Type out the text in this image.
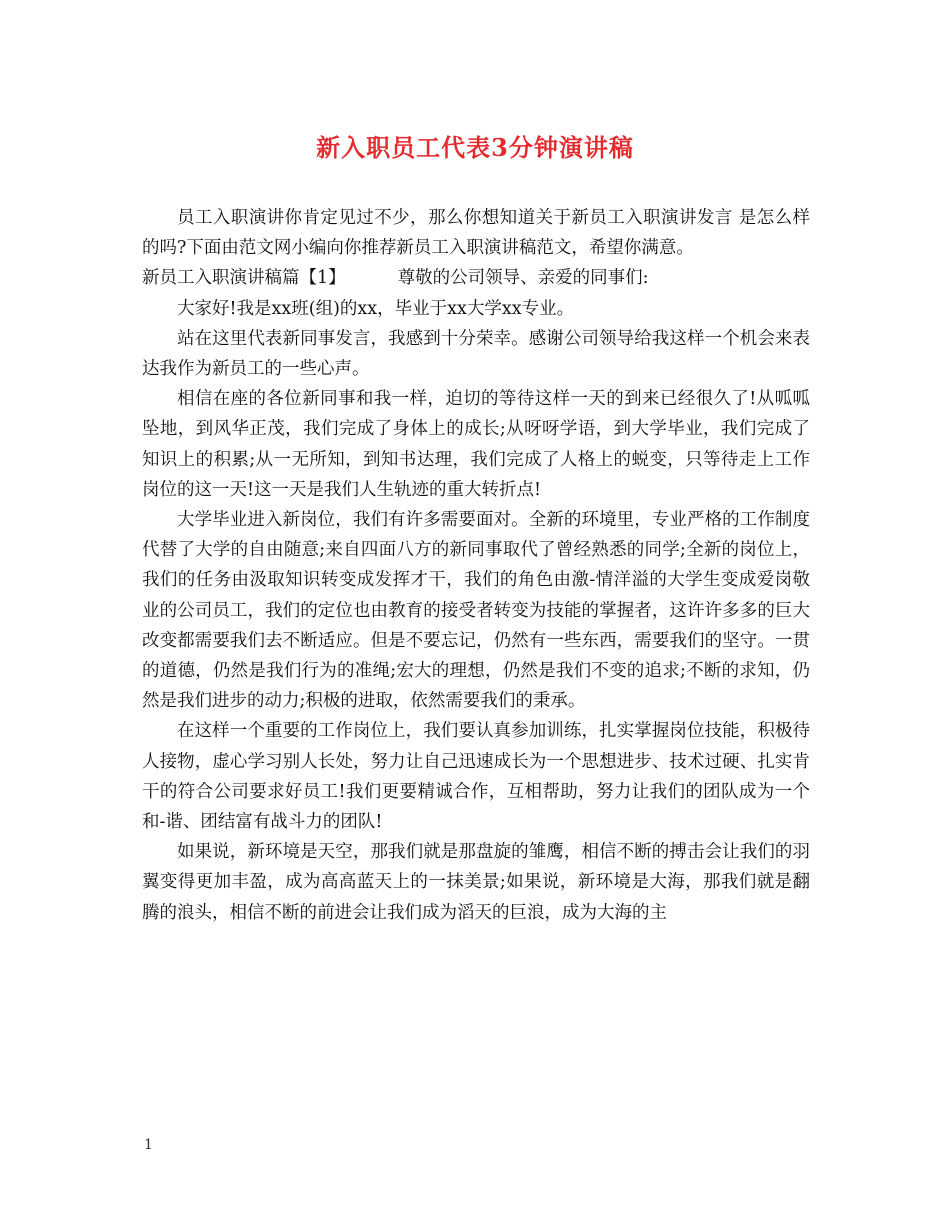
新入职员工代表3分钟演讲稿

员工入职演讲你肯定见过不少，那么你想知道关于新员工入职演讲发言 是怎么样的吗?下面由范文网小编向你推荐新员工入职演讲稿范文，希望你满意。

新员工入职演讲稿篇【1】	尊敬的公司领导、亲爱的同事们:

大家好!我是xx班(组)的xx，毕业于xx大学xx专业。

站在这里代表新同事发言，我感到十分荣幸。感谢公司领导给我这样一个机会来表达我作为新员工的一些心声。

相信在座的各位新同事和我一样，迫切的等待这样一天的到来已经很久了!从呱呱坠地，到风华正茂，我们完成了身体上的成长;从呀呀学语，到大学毕业，我们完成了知识上的积累;从一无所知，到知书达理，我们完成了人格上的蜕变，只等待走上工作岗位的这一天!这一天是我们人生轨迹的重大转折点!

大学毕业进入新岗位，我们有许多需要面对。全新的环境里，专业严格的工作制度代替了大学的自由随意;来自四面八方的新同事取代了曾经熟悉的同学;全新的岗位上，我们的任务由汲取知识转变成发挥才干，我们的角色由激-情洋溢的大学生变成爱岗敬业的公司员工，我们的定位也由教育的接受者转变为技能的掌握者，这许许多多的巨大改变都需要我们去不断适应。但是不要忘记，仍然有一些东西，需要我们的坚守。一贯的道德，仍然是我们行为的准绳;宏大的理想，仍然是我们不变的追求;不断的求知，仍然是我们进步的动力;积极的进取，依然需要我们的秉承。

在这样一个重要的工作岗位上，我们要认真参加训练，扎实掌握岗位技能，积极待人接物，虚心学习别人长处，努力让自己迅速成长为一个思想进步、技术过硬、扎实肯干的符合公司要求好员工!我们更要精诚合作，互相帮助，努力让我们的团队成为一个和-谐、团结富有战斗力的团队!

如果说，新环境是天空，那我们就是那盘旋的雏鹰，相信不断的搏击会让我们的羽翼变得更加丰盈，成为高高蓝天上的一抹美景;如果说，新环境是大海，那我们就是翻腾的浪头，相信不断的前进会让我们成为滔天的巨浪，成为大海的主

1
